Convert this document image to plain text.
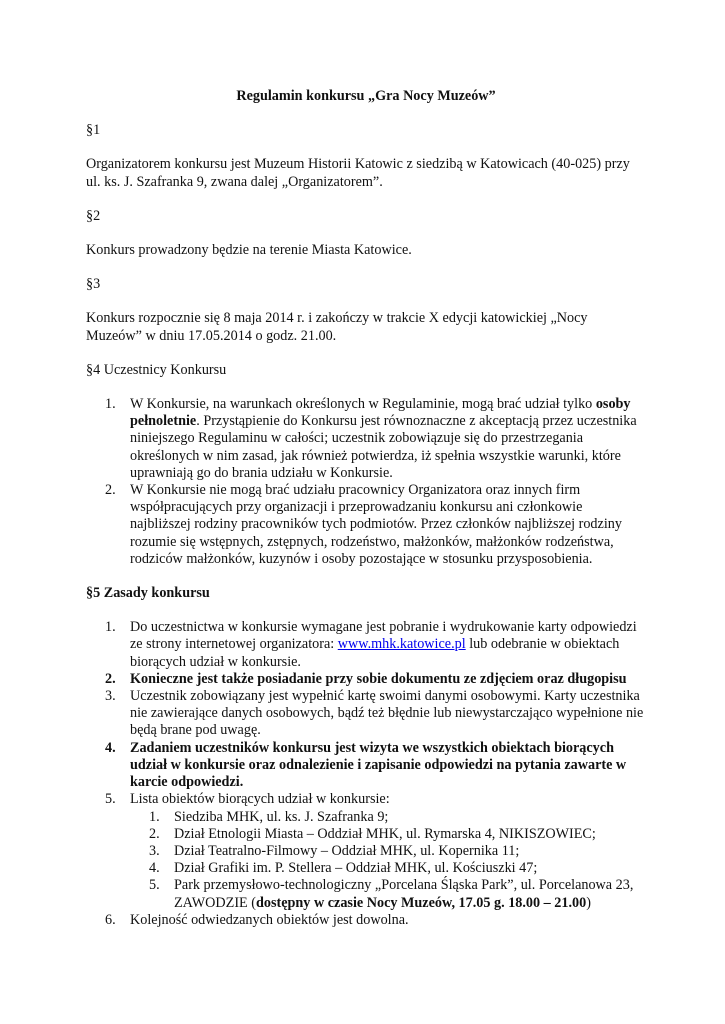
Regulamin konkursu „Gra Nocy Muzeów”

§1

Organizatorem konkursu jest Muzeum Historii Katowic z siedzibą w Katowicach (40-025) przy ul. ks. J. Szafranka 9, zwana dalej „Organizatorem”.

§2

Konkurs prowadzony będzie na terenie Miasta Katowice.

§3

Konkurs rozpocznie się 8 maja 2014 r. i zakończy w trakcie X edycji katowickiej „Nocy Muzeów” w dniu 17.05.2014 o godz. 21.00.

§4 Uczestnicy Konkursu

1. W Konkursie, na warunkach określonych w Regulaminie, mogą brać udział tylko osoby pełnoletnie. Przystąpienie do Konkursu jest równoznaczne z akceptacją przez uczestnika niniejszego Regulaminu w całości; uczestnik zobowiązuje się do przestrzegania określonych w nim zasad, jak również potwierdza, iż spełnia wszystkie warunki, które uprawniają go do brania udziału w Konkursie.
2. W Konkursie nie mogą brać udziału pracownicy Organizatora oraz innych firm współpracujących przy organizacji i przeprowadzaniu konkursu ani członkowie najbliższej rodziny pracowników tych podmiotów. Przez członków najbliższej rodziny rozumie się wstępnych, zstępnych, rodzeństwo, małżonków, małżonków rodzeństwa, rodziców małżonków, kuzynów i osoby pozostające w stosunku przysposobienia.

§5 Zasady konkursu

1. Do uczestnictwa w konkursie wymagane jest pobranie i wydrukowanie karty odpowiedzi ze strony internetowej organizatora: www.mhk.katowice.pl lub odebranie w obiektach biorących udział w konkursie.
2. Konieczne jest także posiadanie przy sobie dokumentu ze zdjęciem oraz długopisu
3. Uczestnik zobowiązany jest wypełnić kartę swoimi danymi osobowymi. Karty uczestnika nie zawierające danych osobowych, bądź też błędnie lub niewystarczająco wypełnione nie będą brane pod uwagę.
4. Zadaniem uczestników konkursu jest wizyta we wszystkich obiektach biorących udział w konkursie oraz odnalezienie i zapisanie odpowiedzi na pytania zawarte w karcie odpowiedzi.
5. Lista obiektów biorących udział w konkursie:
1. Siedziba MHK, ul. ks. J. Szafranka 9;
2. Dział Etnologii Miasta – Oddział MHK, ul. Rymarska 4, NIKISZOWIEC;
3. Dział Teatralno-Filmowy – Oddział MHK, ul. Kopernika 11;
4. Dział Grafiki im. P. Stellera – Oddział MHK, ul. Kościuszki 47;
5. Park przemysłowo-technologiczny „Porcelana Śląska Park”, ul. Porcelanowa 23, ZAWODZIE (dostępny w czasie Nocy Muzeów, 17.05 g. 18.00 – 21.00)
6. Kolejność odwiedzanych obiektów jest dowolna.
